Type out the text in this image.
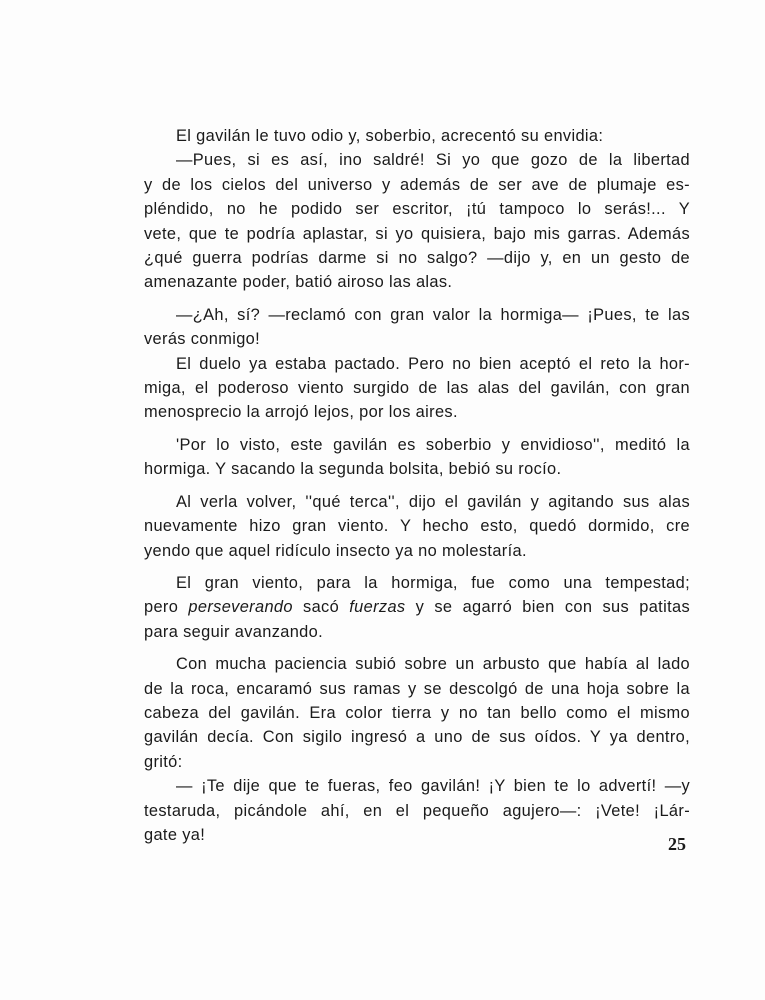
El gavilán le tuvo odio y, soberbio, acrecentó su envidia:
—Pues, si es así, ino saldré! Si yo que gozo de la libertad
y de los cielos del universo y además de ser ave de plumaje es-
pléndido, no he podido ser escritor, ¡tú tampoco lo serás!... Y
vete, que te podría aplastar, si yo quisiera, bajo mis garras. Además
¿qué guerra podrías darme si no salgo? —dijo y, en un gesto de
amenazante poder, batió airoso las alas.
—¿Ah, sí? —reclamó con gran valor la hormiga— ¡Pues, te las
verás conmigo!
El duelo ya estaba pactado. Pero no bien aceptó el reto la hor-
miga, el poderoso viento surgido de las alas del gavilán, con gran
menosprecio la arrojó lejos, por los aires.
'Por lo visto, este gavilán es soberbio y envidioso'', meditó la
hormiga. Y sacando la segunda bolsita, bebió su rocío.
Al verla volver, ''qué terca'', dijo el gavilán y agitando sus alas
nuevamente hizo gran viento. Y hecho esto, quedó dormido, cre
yendo que aquel ridículo insecto ya no molestaría.
El gran viento, para la hormiga, fue como una tempestad;
pero perseverando sacó fuerzas y se agarró bien con sus patitas
para seguir avanzando.
Con mucha paciencia subió sobre un arbusto que había al lado
de la roca, encaramó sus ramas y se descolgó de una hoja sobre la
cabeza del gavilán. Era color tierra y no tan bello como el mismo
gavilán decía. Con sigilo ingresó a uno de sus oídos. Y ya dentro,
gritó:
— ¡Te dije que te fueras, feo gavilán! ¡Y bien te lo advertí! —y
testaruda, picándole ahí, en el pequeño agujero—: ¡Vete! ¡Lár-
gate ya!	25
